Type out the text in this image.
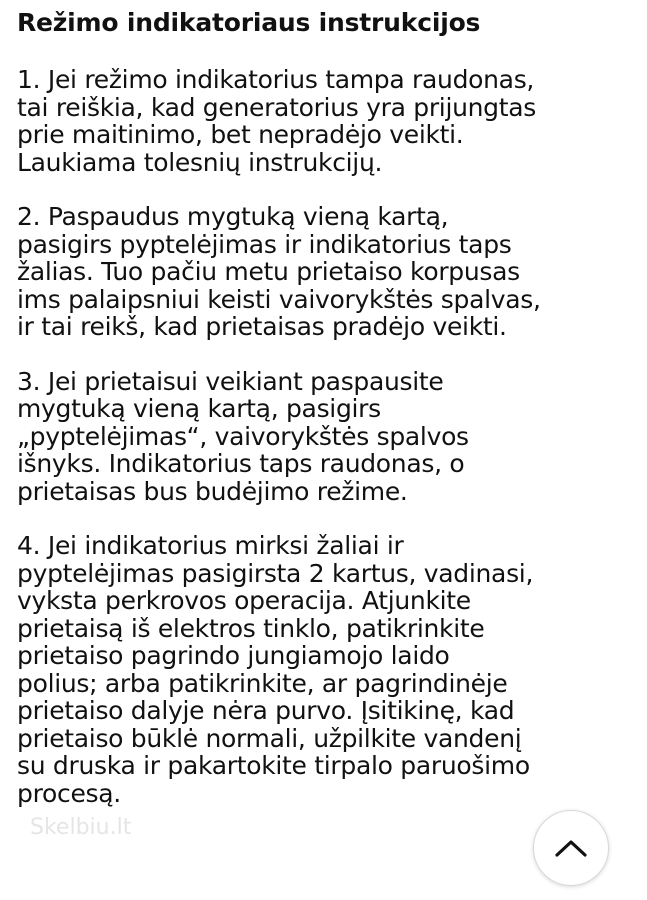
Režimo indikatoriaus instrukcijos

1. Jei režimo indikatorius tampa raudonas,
tai reiškia, kad generatorius yra prijungtas
prie maitinimo, bet nepradėjo veikti.
Laukiama tolesnių instrukcijų.

2. Paspaudus mygtuką vieną kartą,
pasigirs pyptelėjimas ir indikatorius taps
žalias. Tuo pačiu metu prietaiso korpusas
ims palaipsniui keisti vaivorykštės spalvas,
ir tai reikš, kad prietaisas pradėjo veikti.

3. Jei prietaisui veikiant paspausite
mygtuką vieną kartą, pasigirs
„pyptelėjimas“, vaivorykštės spalvos
išnyks. Indikatorius taps raudonas, o
prietaisas bus budėjimo režime.

4. Jei indikatorius mirksi žaliai ir
pyptelėjimas pasigirsta 2 kartus, vadinasi,
vyksta perkrovos operacija. Atjunkite
prietaisą iš elektros tinklo, patikrinkite
prietaiso pagrindo jungiamojo laido
polius; arba patikrinkite, ar pagrindinėje
prietaiso dalyje nėra purvo. Įsitikinę, kad
prietaiso būklė normali, užpilkite vandenį
su druska ir pakartokite tirpalo paruošimo
procesą.

Skelbiu.lt
